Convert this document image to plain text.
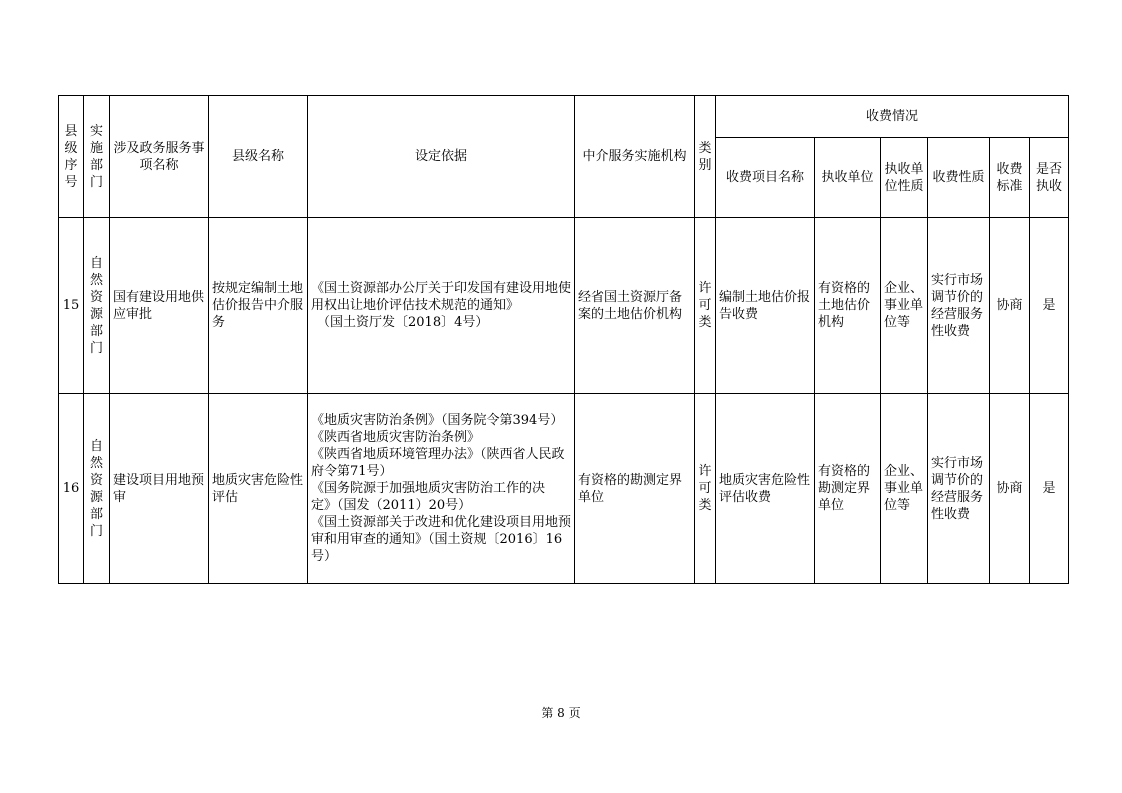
县级序号	实施部门	涉及政务服务事项名称	县级名称	设定依据	中介服务实施机构	类别	收费情况					
							收费项目名称	执收单位	执收单位性质	收费性质	收费标准	是否执收
15	自然资源部门	国有建设用地供应审批	按规定编制土地估价报告中介服务	《国土资源部办公厅关于印发国有建设用地使用权出让地价评估技术规范的通知》
（国土资厅发〔2018〕4号）	经省国土资源厅备案的土地估价机构	许可类	编制土地估价报告收费	有资格的土地估价机构	企业、事业单位等	实行市场调节价的经营服务性收费	协商	是
16	自然资源部门	建设项目用地预审	地质灾害危险性评估	《地质灾害防治条例》（国务院令第394号）
《陕西省地质灾害防治条例》
《陕西省地质环境管理办法》（陕西省人民政府令第71号）
《国务院源于加强地质灾害防治工作的决定》（国发（2011）20号）
《国土资源部关于改进和优化建设项目用地预审和用审查的通知》（国土资规〔2016〕16号）	有资格的勘测定界单位	许可类	地质灾害危险性评估收费	有资格的勘测定界单位	企业、事业单位等	实行市场调节价的经营服务性收费	协商	是
第 8 页
